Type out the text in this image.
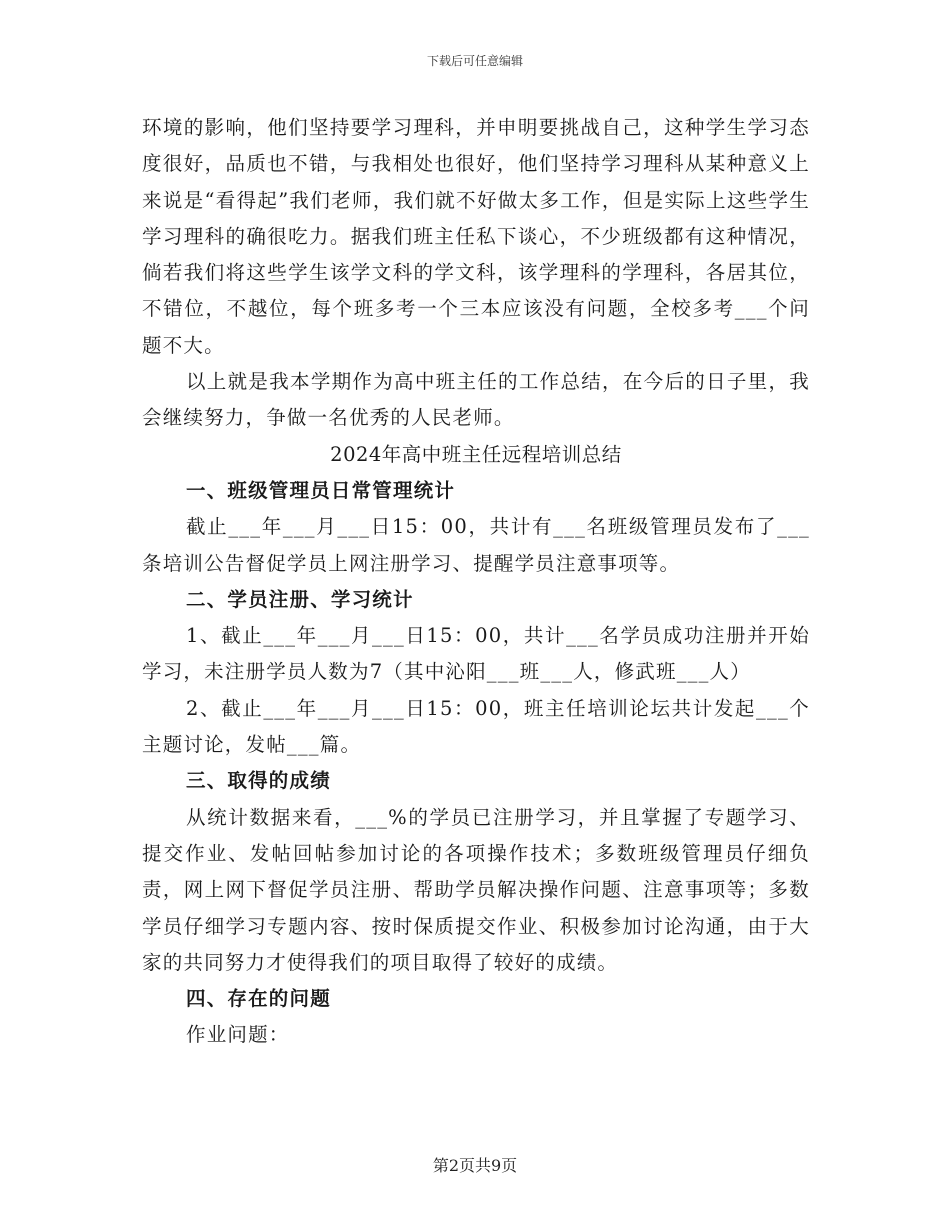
下载后可任意编辑

环境的影响，他们坚持要学习理科，并申明要挑战自己，这种学生学习态度很好，品质也不错，与我相处也很好，他们坚持学习理科从某种意义上来说是“看得起”我们老师，我们就不好做太多工作，但是实际上这些学生学习理科的确很吃力。据我们班主任私下谈心，不少班级都有这种情况，倘若我们将这些学生该学文科的学文科，该学理科的学理科，各居其位，不错位，不越位，每个班多考一个三本应该没有问题，全校多考___个问题不大。

以上就是我本学期作为高中班主任的工作总结，在今后的日子里，我会继续努力，争做一名优秀的人民老师。

2024年高中班主任远程培训总结

一、班级管理员日常管理统计

截止___年___月___日15：00，共计有___名班级管理员发布了___条培训公告督促学员上网注册学习、提醒学员注意事项等。

二、学员注册、学习统计

1、截止___年___月___日15：00，共计___名学员成功注册并开始学习，未注册学员人数为7（其中沁阳___班___人，修武班___人）

2、截止___年___月___日15：00，班主任培训论坛共计发起___个主题讨论，发帖___篇。

三、取得的成绩

从统计数据来看，___%的学员已注册学习，并且掌握了专题学习、提交作业、发帖回帖参加讨论的各项操作技术；多数班级管理员仔细负责，网上网下督促学员注册、帮助学员解决操作问题、注意事项等；多数学员仔细学习专题内容、按时保质提交作业、积极参加讨论沟通，由于大家的共同努力才使得我们的项目取得了较好的成绩。

四、存在的问题

作业问题：

第2页共9页
